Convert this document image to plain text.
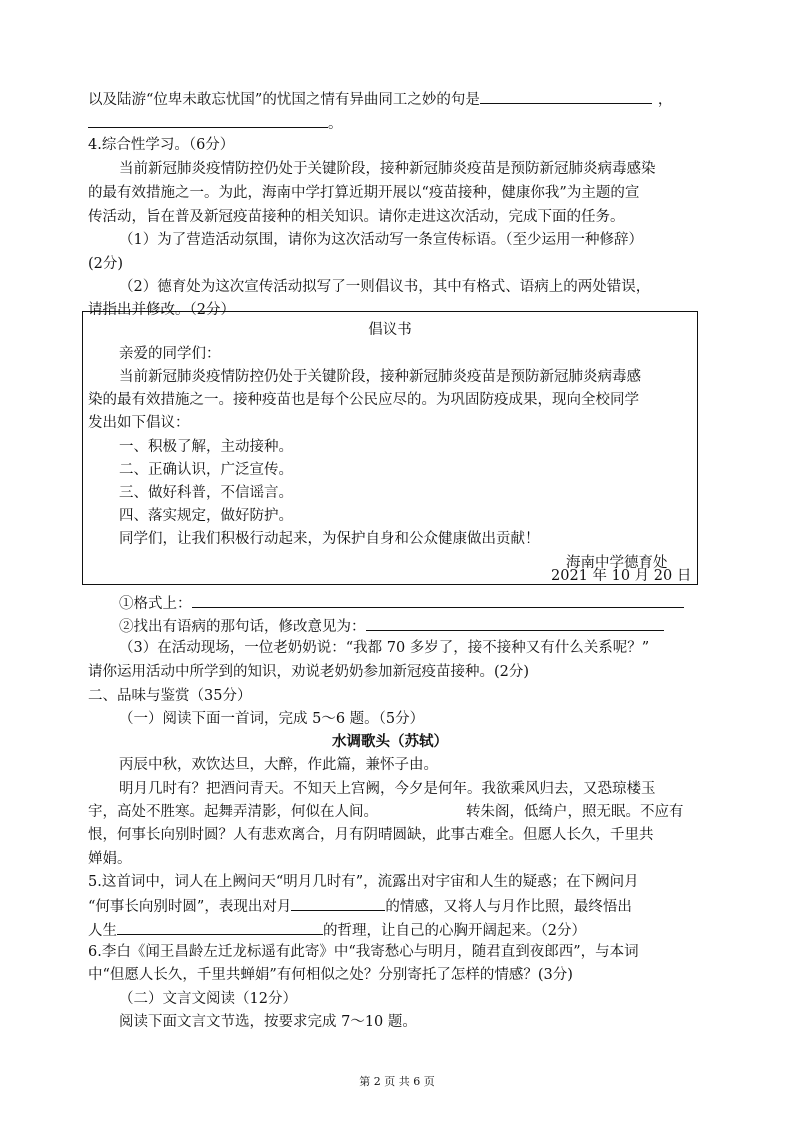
以及陆游“位卑未敢忘忧国”的忧国之情有异曲同工之妙的句是	，
。
4.综合性学习。（6分）
当前新冠肺炎疫情防控仍处于关键阶段，接种新冠肺炎疫苗是预防新冠肺炎病毒感染
的最有效措施之一。为此，海南中学打算近期开展以“疫苗接种，健康你我”为主题的宣
传活动，旨在普及新冠疫苗接种的相关知识。请你走进这次活动，完成下面的任务。
（1）为了营造活动氛围，请你为这次活动写一条宣传标语。（至少运用一种修辞）
(2分)
（2）德育处为这次宣传活动拟写了一则倡议书，其中有格式、语病上的两处错误，
请指出并修改。（2分）
倡议书
亲爱的同学们：
当前新冠肺炎疫情防控仍处于关键阶段，接种新冠肺炎疫苗是预防新冠肺炎病毒感
染的最有效措施之一。接种疫苗也是每个公民应尽的。为巩固防疫成果，现向全校同学
发出如下倡议：
一、积极了解，主动接种。
二、正确认识，广泛宣传。
三、做好科普，不信谣言。
四、落实规定，做好防护。
同学们，让我们积极行动起来，为保护自身和公众健康做出贡献！
海南中学德育处
2021 年 10 月 20 日
①格式上：
②找出有语病的那句话，修改意见为：
（3）在活动现场，一位老奶奶说：“我都 70 多岁了，接不接种又有什么关系呢？”
请你运用活动中所学到的知识，劝说老奶奶参加新冠疫苗接种。(2分)
二、品味与鉴赏（35分）
（一）阅读下面一首词，完成 5～6 题。（5分）
水调歌头（苏轼）
丙辰中秋，欢饮达旦，大醉，作此篇，兼怀子由。
明月几时有？把酒问青天。不知天上宫阙，今夕是何年。我欲乘风归去，又恐琼楼玉
宇，高处不胜寒。起舞弄清影，何似在人间。	转朱阁，低绮户，照无眠。不应有
恨，何事长向别时圆？人有悲欢离合，月有阴晴圆缺，此事古难全。但愿人长久，千里共
婵娟。
5.这首词中，词人在上阙问天“明月几时有”，流露出对宇宙和人生的疑惑；在下阙问月
“何事长向别时圆”，表现出对月	的情感，又将人与月作比照，最终悟出
人生	的哲理，让自己的心胸开阔起来。（2分）
6.李白《闻王昌龄左迁龙标遥有此寄》中“我寄愁心与明月，随君直到夜郎西”，与本词
中“但愿人长久，千里共蝉娟”有何相似之处？分别寄托了怎样的情感？(3分)
（二）文言文阅读（12分）
阅读下面文言文节选，按要求完成 7～10 题。
第 2 页 共 6 页
